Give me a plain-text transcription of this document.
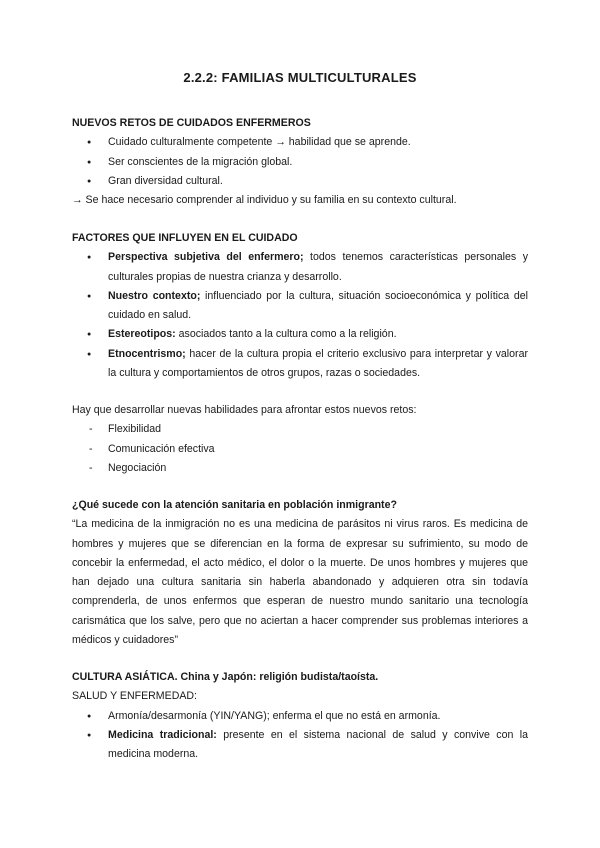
2.2.2: FAMILIAS MULTICULTURALES
NUEVOS RETOS DE CUIDADOS ENFERMEROS
● Cuidado culturalmente competente → habilidad que se aprende.
● Ser conscientes de la migración global.
● Gran diversidad cultural.
→ Se hace necesario comprender al individuo y su familia en su contexto cultural.
FACTORES QUE INFLUYEN EN EL CUIDADO
● Perspectiva subjetiva del enfermero; todos tenemos características personales y culturales propias de nuestra crianza y desarrollo.
● Nuestro contexto; influenciado por la cultura, situación socioeconómica y política del cuidado en salud.
● Estereotipos: asociados tanto a la cultura como a la religión.
● Etnocentrismo; hacer de la cultura propia el criterio exclusivo para interpretar y valorar la cultura y comportamientos de otros grupos, razas o sociedades.
Hay que desarrollar nuevas habilidades para afrontar estos nuevos retos:
- Flexibilidad
- Comunicación efectiva
- Negociación
¿Qué sucede con la atención sanitaria en población inmigrante?
“La medicina de la inmigración no es una medicina de parásitos ni virus raros. Es medicina de hombres y mujeres que se diferencian en la forma de expresar su sufrimiento, su modo de concebir la enfermedad, el acto médico, el dolor o la muerte. De unos hombres y mujeres que han dejado una cultura sanitaria sin haberla abandonado y adquieren otra sin todavía comprenderla, de unos enfermos que esperan de nuestro mundo sanitario una tecnología carismática que los salve, pero que no aciertan a hacer comprender sus problemas interiores a médicos y cuidadores”
CULTURA ASIÁTICA. China y Japón: religión budista/taoísta.
SALUD Y ENFERMEDAD:
● Armonía/desarmonía (YIN/YANG); enferma el que no está en armonía.
● Medicina tradicional: presente en el sistema nacional de salud y convive con la medicina moderna.
